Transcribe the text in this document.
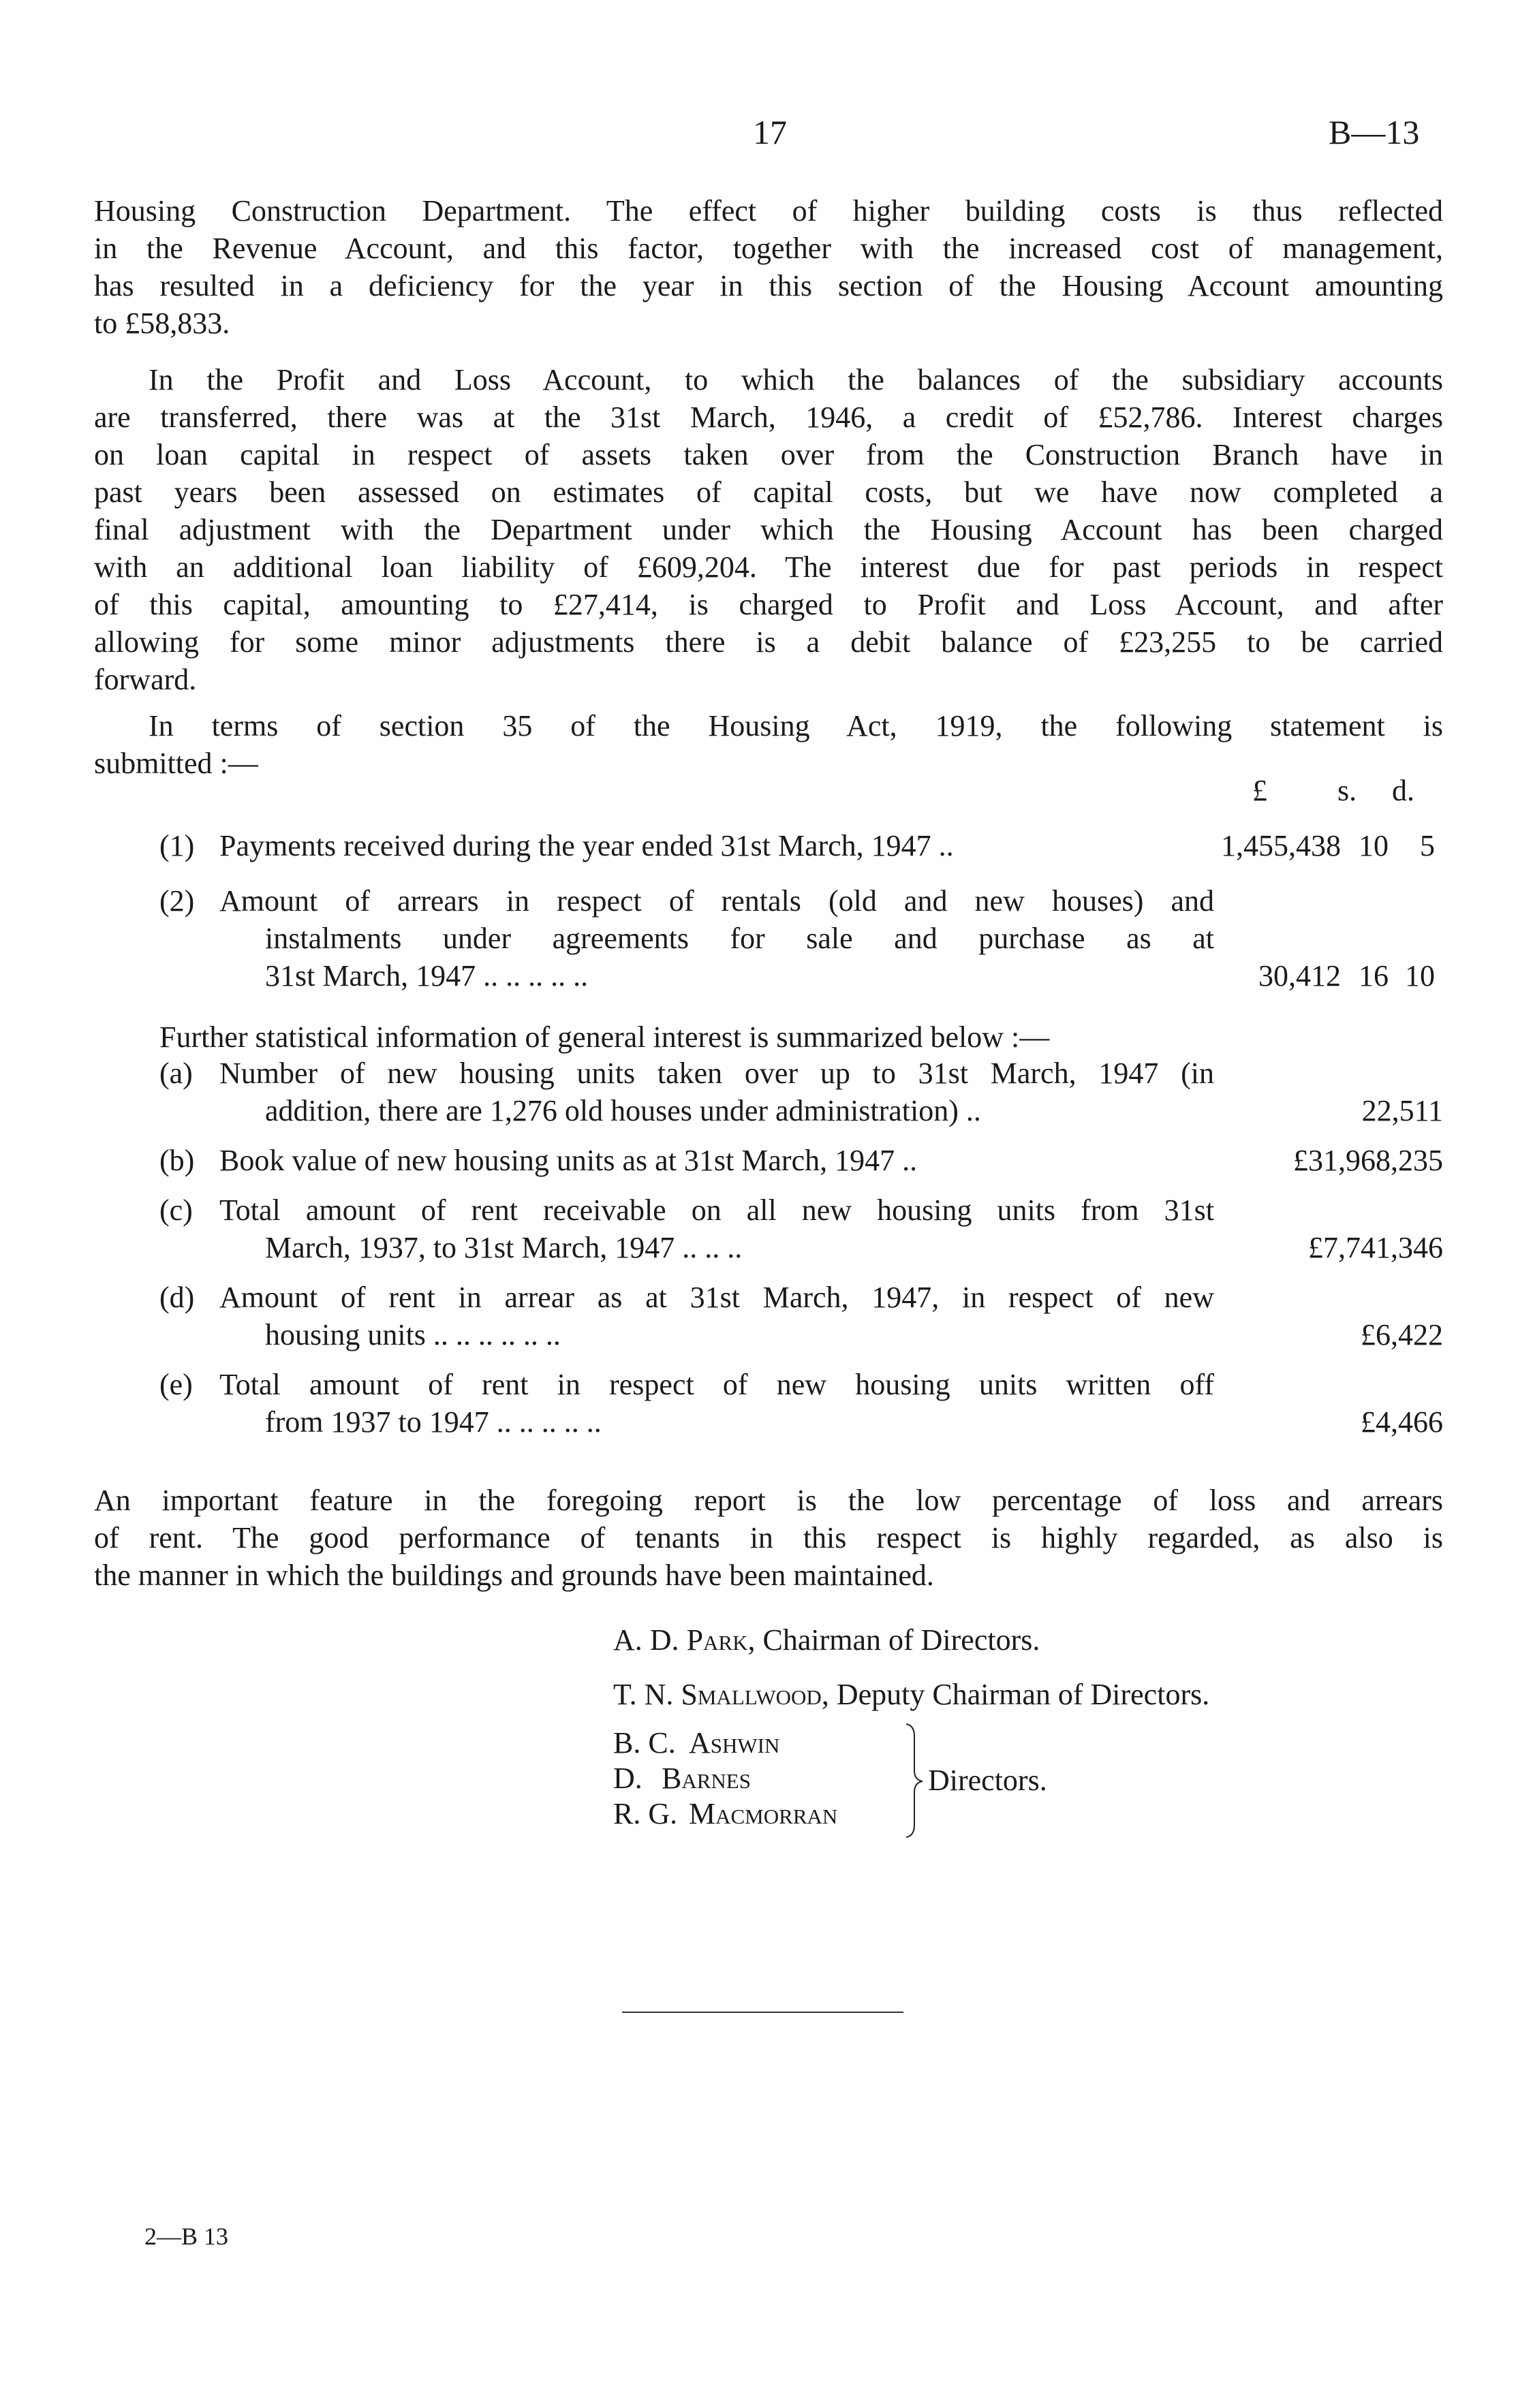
17	B—13
Housing Construction Department. The effect of higher building costs is thus reflected
in the Revenue Account, and this factor, together with the increased cost of management,
has resulted in a deficiency for the year in this section of the Housing Account amounting
to £58,833.
In the Profit and Loss Account, to which the balances of the subsidiary accounts
are transferred, there was at the 31st March, 1946, a credit of £52,786. Interest charges
on loan capital in respect of assets taken over from the Construction Branch have in
past years been assessed on estimates of capital costs, but we have now completed a
final adjustment with the Department under which the Housing Account has been charged
with an additional loan liability of £609,204. The interest due for past periods in respect
of this capital, amounting to £27,414, is charged to Profit and Loss Account, and after
allowing for some minor adjustments there is a debit balance of £23,255 to be carried
forward.
In terms of section 35 of the Housing Act, 1919, the following statement is
submitted :—
£ s. d.
(1) Payments received during the year ended 31st March, 1947 ..	1,455,438 10 5
(2) Amount of arrears in respect of rentals (old and new houses) and
instalments under agreements for sale and purchase as at
31st March, 1947 .. .. .. .. ..	30,412 16 10
Further statistical information of general interest is summarized below :—
(a) Number of new housing units taken over up to 31st March, 1947 (in
addition, there are 1,276 old houses under administration) ..	22,511
(b) Book value of new housing units as at 31st March, 1947 ..	£31,968,235
(c) Total amount of rent receivable on all new housing units from 31st
March, 1937, to 31st March, 1947 .. .. ..	£7,741,346
(d) Amount of rent in arrear as at 31st March, 1947, in respect of new
housing units .. .. .. .. .. ..	£6,422
(e) Total amount of rent in respect of new housing units written off
from 1937 to 1947 .. .. .. .. ..	£4,466
An important feature in the foregoing report is the low percentage of loss and arrears
of rent. The good performance of tenants in this respect is highly regarded, as also is
the manner in which the buildings and grounds have been maintained.
A. D. Park, Chairman of Directors.
T. N. Smallwood, Deputy Chairman of Directors.
B. C. Ashwin
D. Barnes
R. G. Macmorran
Directors.
2—B 13
